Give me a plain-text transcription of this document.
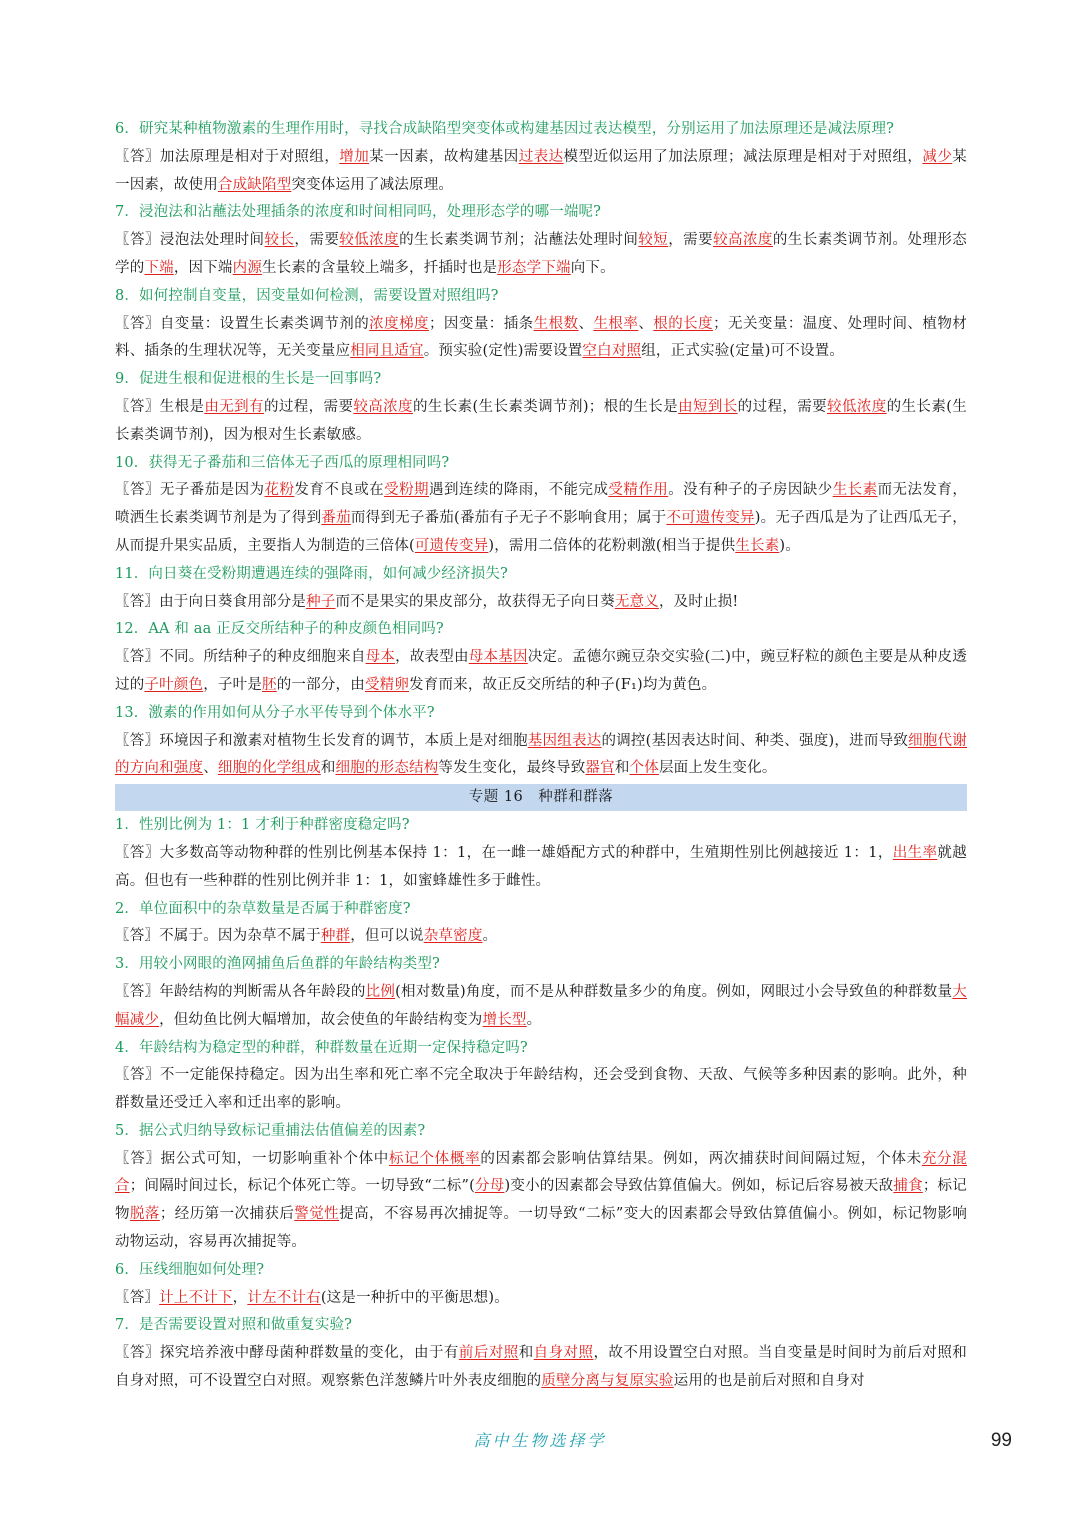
6．研究某种植物激素的生理作用时，寻找合成缺陷型突变体或构建基因过表达模型，分别运用了加法原理还是减法原理?

〖答〗加法原理是相对于对照组，增加某一因素，故构建基因过表达模型近似运用了加法原理；减法原理是相对于对照组，减少某一因素，故使用合成缺陷型突变体运用了减法原理。

7．浸泡法和沾蘸法处理插条的浓度和时间相同吗，处理形态学的哪一端呢?

〖答〗浸泡法处理时间较长，需要较低浓度的生长素类调节剂；沾蘸法处理时间较短，需要较高浓度的生长素类调节剂。处理形态学的下端，因下端内源生长素的含量较上端多，扦插时也是形态学下端向下。

8．如何控制自变量，因变量如何检测，需要设置对照组吗?

〖答〗自变量：设置生长素类调节剂的浓度梯度；因变量：插条生根数、生根率、根的长度；无关变量：温度、处理时间、植物材料、插条的生理状况等，无关变量应相同且适宜。预实验(定性)需要设置空白对照组，正式实验(定量)可不设置。

9．促进生根和促进根的生长是一回事吗?

〖答〗生根是由无到有的过程，需要较高浓度的生长素(生长素类调节剂)；根的生长是由短到长的过程，需要较低浓度的生长素(生长素类调节剂)，因为根对生长素敏感。

10．获得无子番茄和三倍体无子西瓜的原理相同吗?

〖答〗无子番茄是因为花粉发育不良或在受粉期遇到连续的降雨，不能完成受精作用。没有种子的子房因缺少生长素而无法发育，喷洒生长素类调节剂是为了得到番茄而得到无子番茄(番茄有子无子不影响食用；属于不可遗传变异)。无子西瓜是为了让西瓜无子，从而提升果实品质，主要指人为制造的三倍体(可遗传变异)，需用二倍体的花粉刺激(相当于提供生长素)。

11．向日葵在受粉期遭遇连续的强降雨，如何减少经济损失?

〖答〗由于向日葵食用部分是种子而不是果实的果皮部分，故获得无子向日葵无意义，及时止损!

12．AA 和 aa 正反交所结种子的种皮颜色相同吗?

〖答〗不同。所结种子的种皮细胞来自母本，故表型由母本基因决定。孟德尔豌豆杂交实验(二)中，豌豆籽粒的颜色主要是从种皮透过的子叶颜色，子叶是胚的一部分，由受精卵发育而来，故正反交所结的种子(F₁)均为黄色。

13．激素的作用如何从分子水平传导到个体水平?

〖答〗环境因子和激素对植物生长发育的调节，本质上是对细胞基因组表达的调控(基因表达时间、种类、强度)，进而导致细胞代谢的方向和强度、细胞的化学组成和细胞的形态结构等发生变化，最终导致器官和个体层面上发生变化。

专题 16　种群和群落

1．性别比例为 1：1 才利于种群密度稳定吗?

〖答〗大多数高等动物种群的性别比例基本保持 1：1，在一雌一雄婚配方式的种群中，生殖期性别比例越接近 1：1，出生率就越高。但也有一些种群的性别比例并非 1：1，如蜜蜂雄性多于雌性。

2．单位面积中的杂草数量是否属于种群密度?

〖答〗不属于。因为杂草不属于种群，但可以说杂草密度。

3．用较小网眼的渔网捕鱼后鱼群的年龄结构类型?

〖答〗年龄结构的判断需从各年龄段的比例(相对数量)角度，而不是从种群数量多少的角度。例如，网眼过小会导致鱼的种群数量大幅减少，但幼鱼比例大幅增加，故会使鱼的年龄结构变为增长型。

4．年龄结构为稳定型的种群，种群数量在近期一定保持稳定吗?

〖答〗不一定能保持稳定。因为出生率和死亡率不完全取决于年龄结构，还会受到食物、天敌、气候等多种因素的影响。此外，种群数量还受迁入率和迁出率的影响。

5．据公式归纳导致标记重捕法估值偏差的因素?

〖答〗据公式可知，一切影响重补个体中标记个体概率的因素都会影响估算结果。例如，两次捕获时间间隔过短，个体未充分混合；间隔时间过长，标记个体死亡等。一切导致“二标”(分母)变小的因素都会导致估算值偏大。例如，标记后容易被天敌捕食；标记物脱落；经历第一次捕获后警觉性提高，不容易再次捕捉等。一切导致“二标”变大的因素都会导致估算值偏小。例如，标记物影响动物运动，容易再次捕捉等。

6．压线细胞如何处理?

〖答〗计上不计下，计左不计右(这是一种折中的平衡思想)。

7．是否需要设置对照和做重复实验?

〖答〗探究培养液中酵母菌种群数量的变化，由于有前后对照和自身对照，故不用设置空白对照。当自变量是时间时为前后对照和自身对照，可不设置空白对照。观察紫色洋葱鳞片叶外表皮细胞的质壁分离与复原实验运用的也是前后对照和自身对

高中生物选择学	99
